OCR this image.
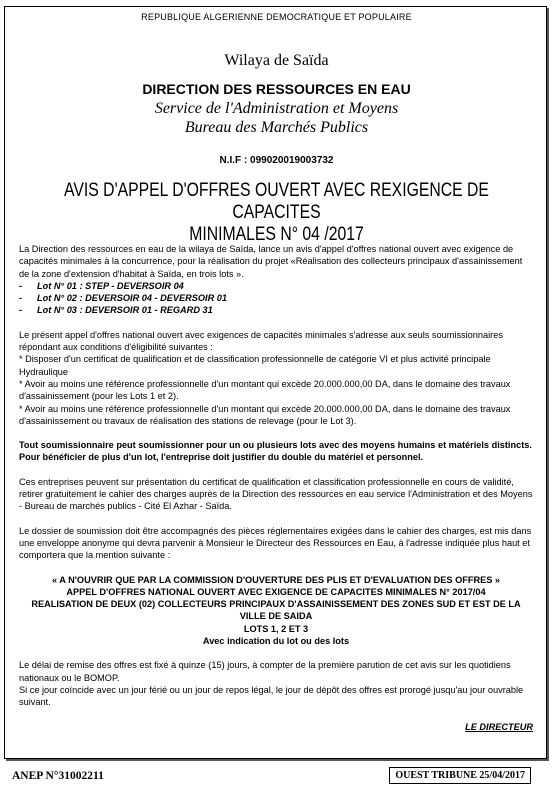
REPUBLIQUE ALGERIENNE DEMOCRATIQUE ET POPULAIRE
Wilaya de Saïda
DIRECTION DES RESSOURCES EN EAU
Service de l'Administration et Moyens
Bureau des Marchés Publics
N.I.F : 099020019003732
AVIS D'APPEL D'OFFRES OUVERT AVEC REXIGENCE DE CAPACITES
MINIMALES N° 04 /2017
La Direction des ressources en eau de la wilaya de Saïda, lance un avis d'appel d'offres national ouvert avec exigence de capacités minimales à la concurrence, pour la réalisation du projet «Réalisation des collecteurs principaux d'assainissement de la zone d'extension d'habitat à Saïda, en trois lots ».
- Lot N° 01 : STEP - DEVERSOIR 04
- Lot N° 02 : DEVERSOIR 04 - DEVERSOIR 01
- Lot N° 03 : DEVERSOIR 01 - REGARD 31

Le présent appel d'offres national ouvert avec exigences de capacités minimales s'adresse aux seuls soumissionnaires répondant aux conditions d'éligibilité suivantes :
* Disposer d'un certificat de qualification et de classification professionnelle de catégorie VI et plus activité principale Hydraulique
* Avoir au moins une référence professionnelle d'un montant qui excède 20.000.000,00 DA, dans le domaine des travaux d'assainissement (pour les Lots 1 et 2).
* Avoir au moins une référence professionnelle d'un montant qui excède 20.000.000,00 DA, dans le domaine des travaux d'assainissement ou travaux de réalisation des stations de relevage (pour le Lot 3).

Tout soumissionnaire peut soumissionner pour un ou plusieurs lots avec des moyens humains et matériels distincts.
Pour bénéficier de plus d'un lot, l'entreprise doit justifier du double du matériel et personnel.

Ces entreprises peuvent sur présentation du certificat de qualification et classification professionnelle en cours de validité, retirer gratuitement le cahier des charges auprès de la Direction des ressources en eau service l'Administration et des Moyens - Bureau de marchés publics - Cité El Azhar - Saïda.

Le dossier de soumission doit être accompagnés des pièces réglementaires exigées dans le cahier des charges, est mis dans une enveloppe anonyme qui devra parvenir à Monsieur le Directeur des Ressources en Eau, à l'adresse indiquée plus haut et comportera que la mention suivante :

« A N'OUVRIR QUE PAR LA COMMISSION D'OUVERTURE DES PLIS ET D'EVALUATION DES OFFRES »
APPEL D'OFFRES NATIONAL OUVERT AVEC EXIGENCE DE CAPACITES MINIMALES N° 2017/04
REALISATION DE DEUX (02) COLLECTEURS PRINCIPAUX D'ASSAINISSEMENT DES ZONES SUD ET EST DE LA VILLE DE SAIDA
LOTS 1, 2 ET 3
Avec indication du lot ou des lots

Le délai de remise des offres est fixé à quinze (15) jours, à compter de la première parution de cet avis sur les quotidiens nationaux ou le BOMOP.
Si ce jour coïncide avec un jour férié ou un jour de repos légal, le jour de dépôt des offres est prorogé jusqu'au jour ouvrable suivant.

LE DIRECTEUR
ANEP N°31002211	OUEST TRIBUNE 25/04/2017
